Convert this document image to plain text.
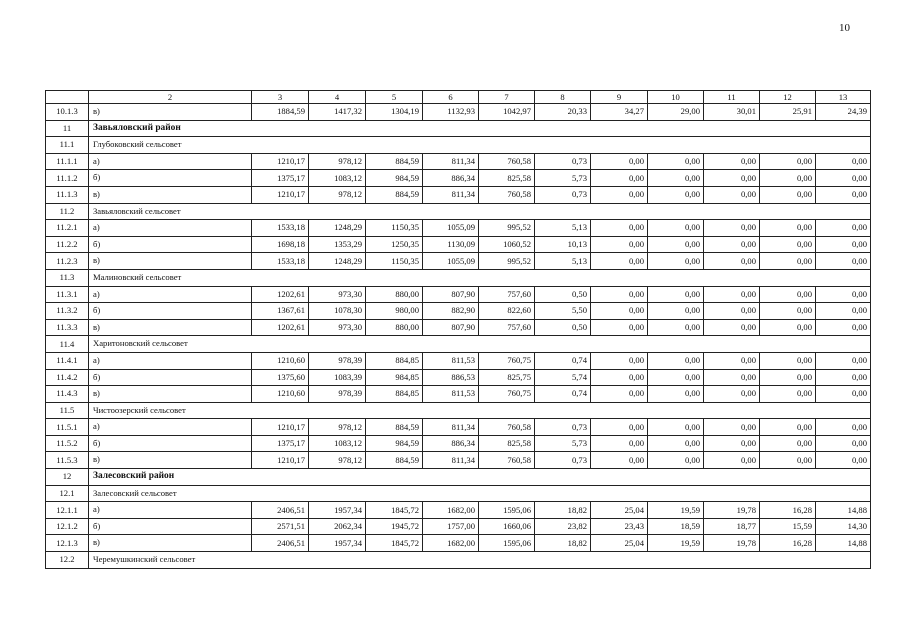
10
	2	3	4	5	6	7	8	9	10	11	12	13
10.1.3	в)	1884,59	1417,32	1304,19	1132,93	1042,97	20,33	34,27	29,00	30,01	25,91	24,39
11	Завьяловский район											
11.1	Глубоковский сельсовет											
11.1.1	а)	1210,17	978,12	884,59	811,34	760,58	0,73	0,00	0,00	0,00	0,00	0,00
11.1.2	б)	1375,17	1083,12	984,59	886,34	825,58	5,73	0,00	0,00	0,00	0,00	0,00
11.1.3	в)	1210,17	978,12	884,59	811,34	760,58	0,73	0,00	0,00	0,00	0,00	0,00
11.2	Завьяловский сельсовет											
11.2.1	а)	1533,18	1248,29	1150,35	1055,09	995,52	5,13	0,00	0,00	0,00	0,00	0,00
11.2.2	б)	1698,18	1353,29	1250,35	1130,09	1060,52	10,13	0,00	0,00	0,00	0,00	0,00
11.2.3	в)	1533,18	1248,29	1150,35	1055,09	995,52	5,13	0,00	0,00	0,00	0,00	0,00
11.3	Малиновский сельсовет											
11.3.1	а)	1202,61	973,30	880,00	807,90	757,60	0,50	0,00	0,00	0,00	0,00	0,00
11.3.2	б)	1367,61	1078,30	980,00	882,90	822,60	5,50	0,00	0,00	0,00	0,00	0,00
11.3.3	в)	1202,61	973,30	880,00	807,90	757,60	0,50	0,00	0,00	0,00	0,00	0,00
11.4	Харитоновский сельсовет											
11.4.1	а)	1210,60	978,39	884,85	811,53	760,75	0,74	0,00	0,00	0,00	0,00	0,00
11.4.2	б)	1375,60	1083,39	984,85	886,53	825,75	5,74	0,00	0,00	0,00	0,00	0,00
11.4.3	в)	1210,60	978,39	884,85	811,53	760,75	0,74	0,00	0,00	0,00	0,00	0,00
11.5	Чистоозерский сельсовет											
11.5.1	а)	1210,17	978,12	884,59	811,34	760,58	0,73	0,00	0,00	0,00	0,00	0,00
11.5.2	б)	1375,17	1083,12	984,59	886,34	825,58	5,73	0,00	0,00	0,00	0,00	0,00
11.5.3	в)	1210,17	978,12	884,59	811,34	760,58	0,73	0,00	0,00	0,00	0,00	0,00
12	Залесовский район											
12.1	Залесовский сельсовет											
12.1.1	а)	2406,51	1957,34	1845,72	1682,00	1595,06	18,82	25,04	19,59	19,78	16,28	14,88
12.1.2	б)	2571,51	2062,34	1945,72	1757,00	1660,06	23,82	23,43	18,59	18,77	15,59	14,30
12.1.3	в)	2406,51	1957,34	1845,72	1682,00	1595,06	18,82	25,04	19,59	19,78	16,28	14,88
12.2	Черемушкинский сельсовет											
